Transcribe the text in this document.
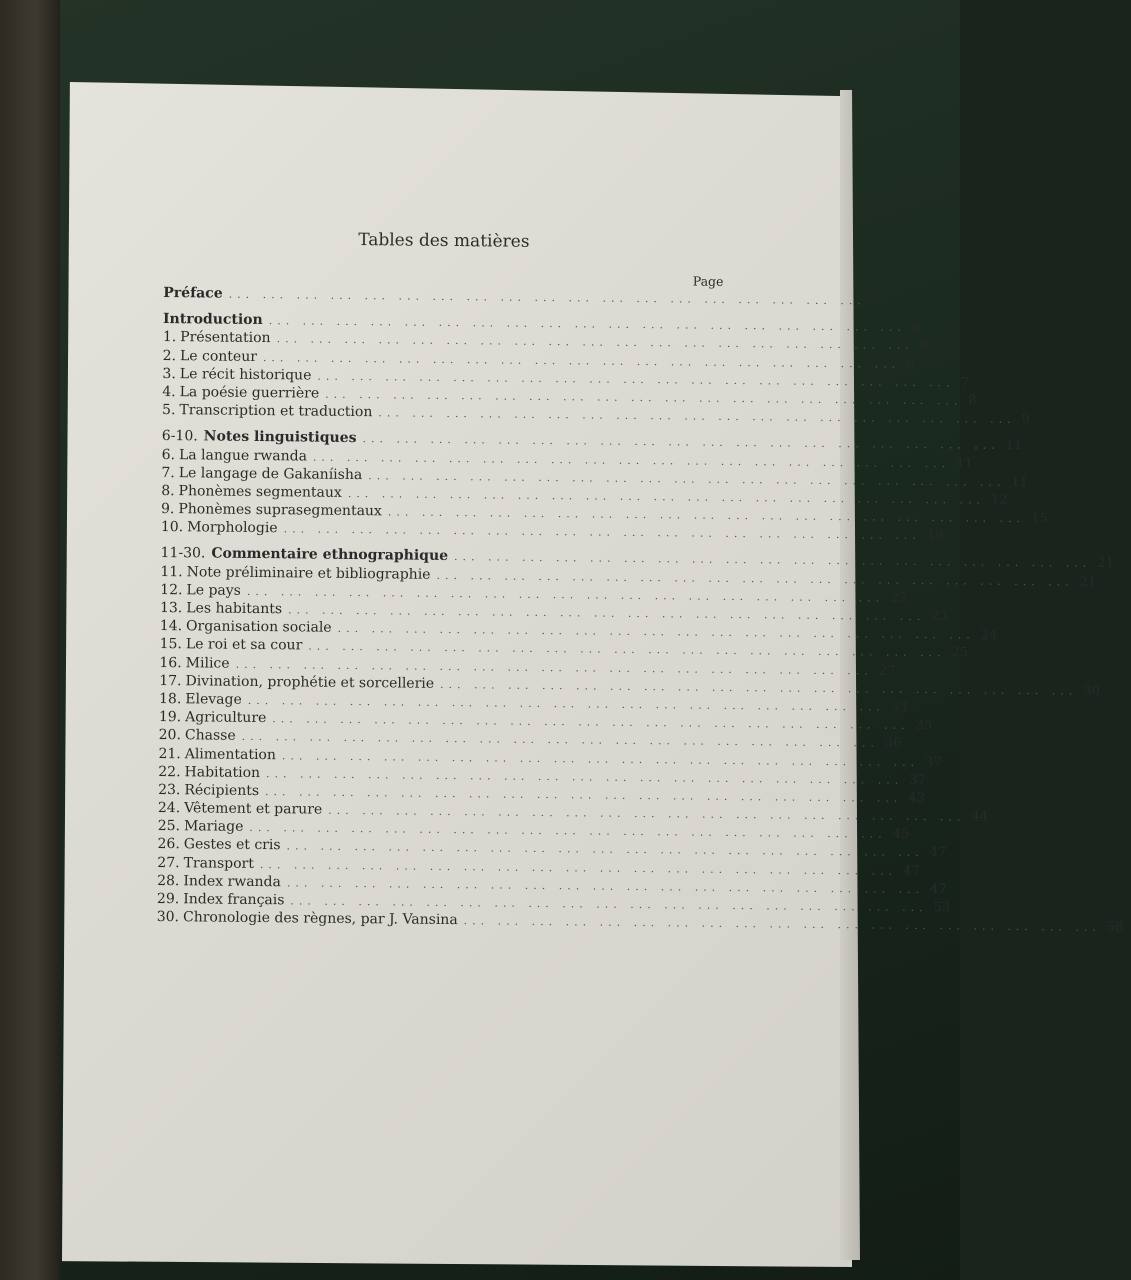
Tables des matières
Page
Préface ... ... ... ... ... ... ... ... ... ... ... ... ... ... ... ... ... ... ... 5
Introduction ... ... ... ... ... ... ... ... ... ... ... ... ... ... ... ... ... ... ... 6
1. Présentation ... ... ... ... ... ... ... ... ... ... ... ... ... ... ... ... ... ... ... 6
2. Le conteur ... ... ... ... ... ... ... ... ... ... ... ... ... ... ... ... ... ... ... 6
3. Le récit historique ... ... ... ... ... ... ... ... ... ... ... ... ... ... ... ... ... ... ... 7
4. La poésie guerrière ... ... ... ... ... ... ... ... ... ... ... ... ... ... ... ... ... ... ... 8
5. Transcription et traduction ... ... ... ... ... ... ... ... ... ... ... ... ... ... ... ... ... ... ... 9
6-10. Notes linguistiques ... ... ... ... ... ... ... ... ... ... ... ... ... ... ... ... ... ... ... 11
6. La langue rwanda ... ... ... ... ... ... ... ... ... ... ... ... ... ... ... ... ... ... ... 11
7. Le langage de Gakaníisha ... ... ... ... ... ... ... ... ... ... ... ... ... ... ... ... ... ... ... 11
8. Phonèmes segmentaux ... ... ... ... ... ... ... ... ... ... ... ... ... ... ... ... ... ... ... 12
9. Phonèmes suprasegmentaux ... ... ... ... ... ... ... ... ... ... ... ... ... ... ... ... ... ... ... 15
10. Morphologie ... ... ... ... ... ... ... ... ... ... ... ... ... ... ... ... ... ... ... 19
11-30. Commentaire ethnographique ... ... ... ... ... ... ... ... ... ... ... ... ... ... ... ... ... ... ... 21
11. Note préliminaire et bibliographie ... ... ... ... ... ... ... ... ... ... ... ... ... ... ... ... ... ... ... 21
12. Le pays ... ... ... ... ... ... ... ... ... ... ... ... ... ... ... ... ... ... ... 22
13. Les habitants ... ... ... ... ... ... ... ... ... ... ... ... ... ... ... ... ... ... ... 23
14. Organisation sociale ... ... ... ... ... ... ... ... ... ... ... ... ... ... ... ... ... ... ... 24
15. Le roi et sa cour ... ... ... ... ... ... ... ... ... ... ... ... ... ... ... ... ... ... ... 25
16. Milice ... ... ... ... ... ... ... ... ... ... ... ... ... ... ... ... ... ... ... 27
17. Divination, prophétie et sorcellerie ... ... ... ... ... ... ... ... ... ... ... ... ... ... ... ... ... ... ... 30
18. Elevage ... ... ... ... ... ... ... ... ... ... ... ... ... ... ... ... ... ... ... 33
19. Agriculture ... ... ... ... ... ... ... ... ... ... ... ... ... ... ... ... ... ... ... 35
20. Chasse ... ... ... ... ... ... ... ... ... ... ... ... ... ... ... ... ... ... ... 36
21. Alimentation ... ... ... ... ... ... ... ... ... ... ... ... ... ... ... ... ... ... ... 37
22. Habitation ... ... ... ... ... ... ... ... ... ... ... ... ... ... ... ... ... ... ... 37
23. Récipients ... ... ... ... ... ... ... ... ... ... ... ... ... ... ... ... ... ... ... 43
24. Vêtement et parure ... ... ... ... ... ... ... ... ... ... ... ... ... ... ... ... ... ... ... 44
25. Mariage ... ... ... ... ... ... ... ... ... ... ... ... ... ... ... ... ... ... ... 45
26. Gestes et cris ... ... ... ... ... ... ... ... ... ... ... ... ... ... ... ... ... ... ... 47
27. Transport ... ... ... ... ... ... ... ... ... ... ... ... ... ... ... ... ... ... ... 47
28. Index rwanda ... ... ... ... ... ... ... ... ... ... ... ... ... ... ... ... ... ... ... 47
29. Index français ... ... ... ... ... ... ... ... ... ... ... ... ... ... ... ... ... ... ... 53
30. Chronologie des règnes, par J. Vansina ... ... ... ... ... ... ... ... ... ... ... ... ... ... ... ... ... ... ... 58
